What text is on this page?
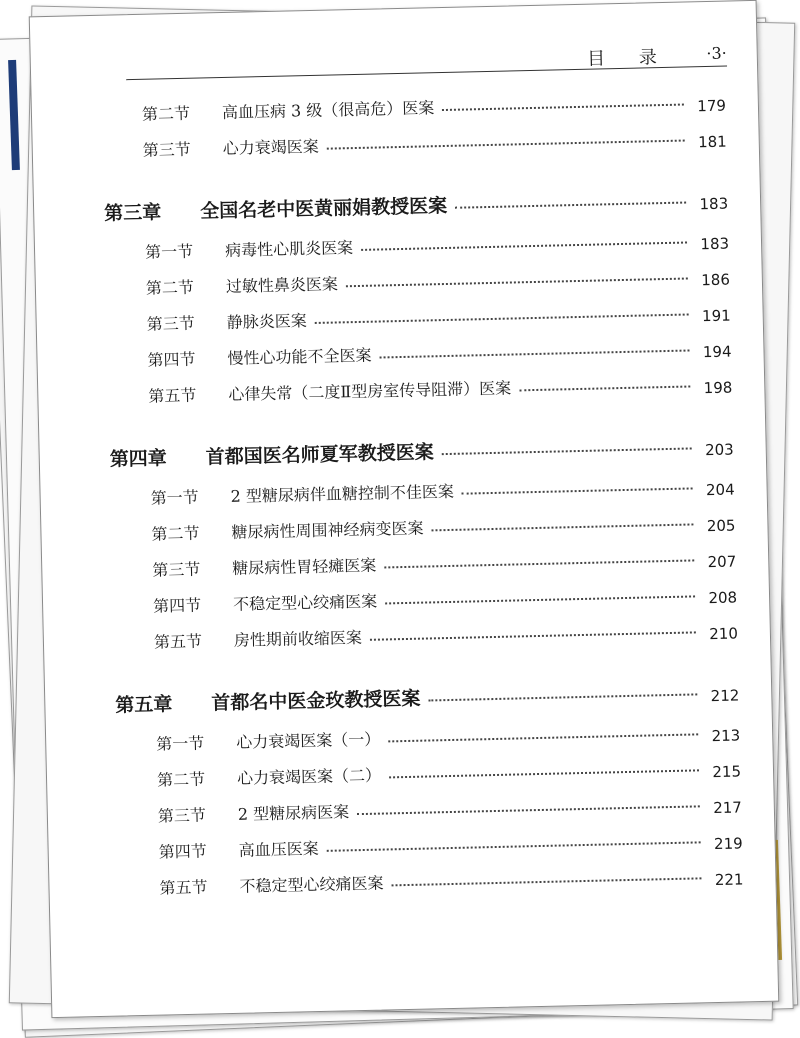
目 录 ·3·
第二节	高血压病 3 级（很高危）医案	179
第三节	心力衰竭医案	181
第三章	全国名老中医黄丽娟教授医案	183
第一节	病毒性心肌炎医案	183
第二节	过敏性鼻炎医案	186
第三节	静脉炎医案	191
第四节	慢性心功能不全医案	194
第五节	心律失常（二度Ⅱ型房室传导阻滞）医案	198
第四章	首都国医名师夏军教授医案	203
第一节	2 型糖尿病伴血糖控制不佳医案	204
第二节	糖尿病性周围神经病变医案	205
第三节	糖尿病性胃轻瘫医案	207
第四节	不稳定型心绞痛医案	208
第五节	房性期前收缩医案	210
第五章	首都名中医金玫教授医案	212
第一节	心力衰竭医案（一）	213
第二节	心力衰竭医案（二）	215
第三节	2 型糖尿病医案	217
第四节	高血压医案	219
第五节	不稳定型心绞痛医案	221
